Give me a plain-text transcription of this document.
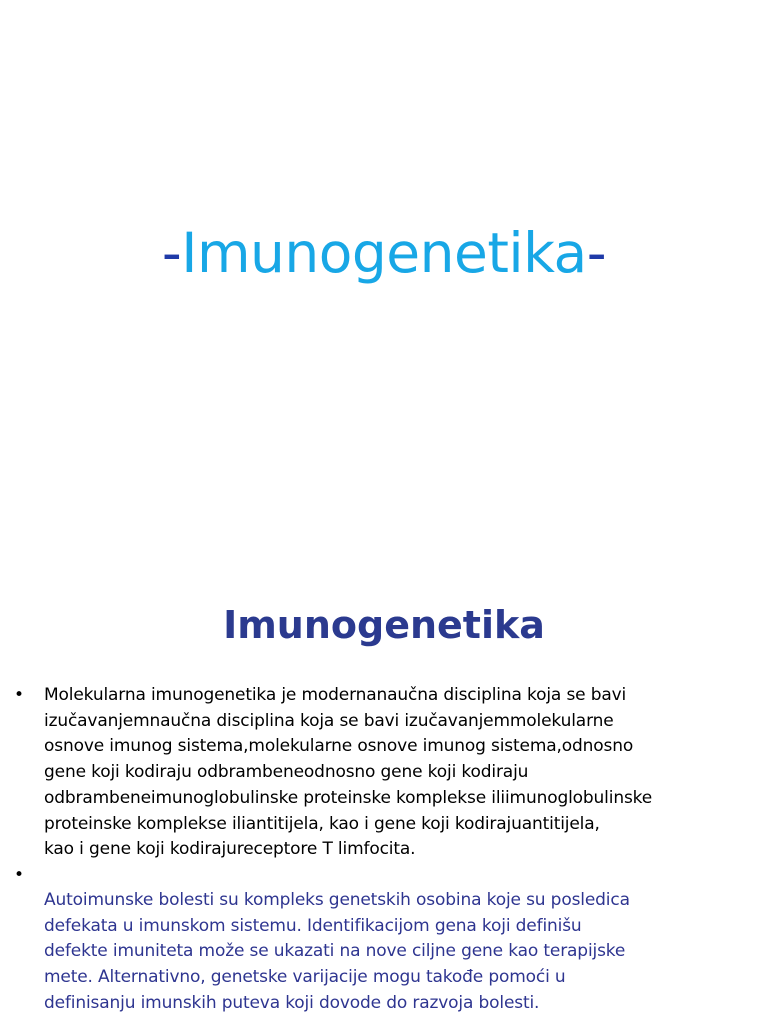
-Imunogenetika-
Imunogenetika
• Molekularna imunogenetika je modernanaučna disciplina koja se bavi
izučavanjemnaučna disciplina koja se bavi izučavanjemmolekularne
osnove imunog sistema,molekularne osnove imunog sistema,odnosno
gene koji kodiraju odbrambeneodnosno gene koji kodiraju
odbrambeneimunoglobulinske proteinske komplekse iliimunoglobulinske
proteinske komplekse iliantitijela, kao i gene koji kodirajuantitijela,
kao i gene koji kodirajureceptore T limfocita.
•
Autoimunske bolesti su kompleks genetskih osobina koje su posledica
defekata u imunskom sistemu. Identifikacijom gena koji definišu
defekte imuniteta može se ukazati na nove ciljne gene kao terapijske
mete. Alternativno, genetske varijacije mogu takođe pomoći u
definisanju imunskih puteva koji dovode do razvoja bolesti.
